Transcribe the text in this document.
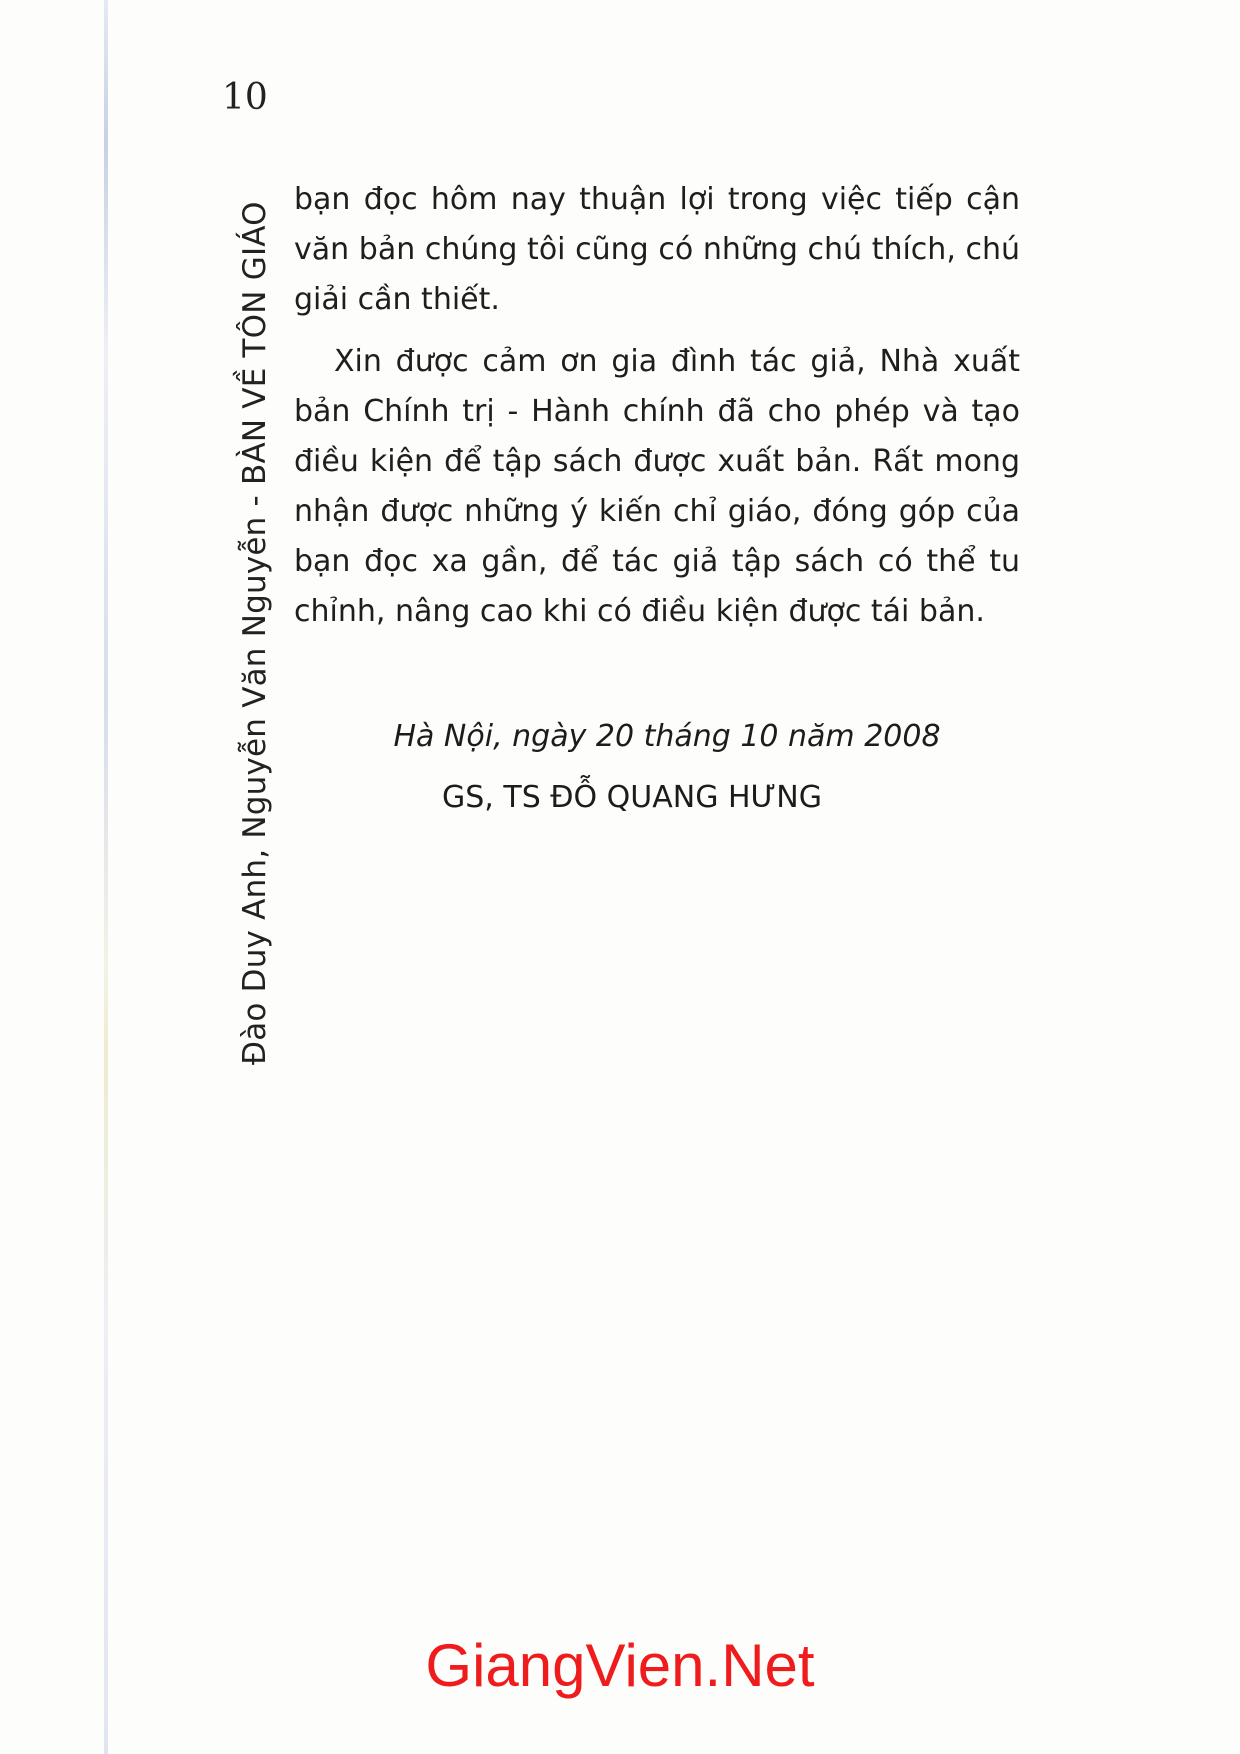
10
Đào Duy Anh, Nguyễn Văn Nguyễn - BÀN VỀ TÔN GIÁO

bạn đọc hôm nay thuận lợi trong việc tiếp cận văn bản chúng tôi cũng có những chú thích, chú giải cần thiết.

Xin được cảm ơn gia đình tác giả, Nhà xuất bản Chính trị - Hành chính đã cho phép và tạo điều kiện để tập sách được xuất bản. Rất mong nhận được những ý kiến chỉ giáo, đóng góp của bạn đọc xa gần, để tác giả tập sách có thể tu chỉnh, nâng cao khi có điều kiện được tái bản.

Hà Nội, ngày 20 tháng 10 năm 2008
GS, TS ĐỖ QUANG HƯNG
GiangVien.Net
